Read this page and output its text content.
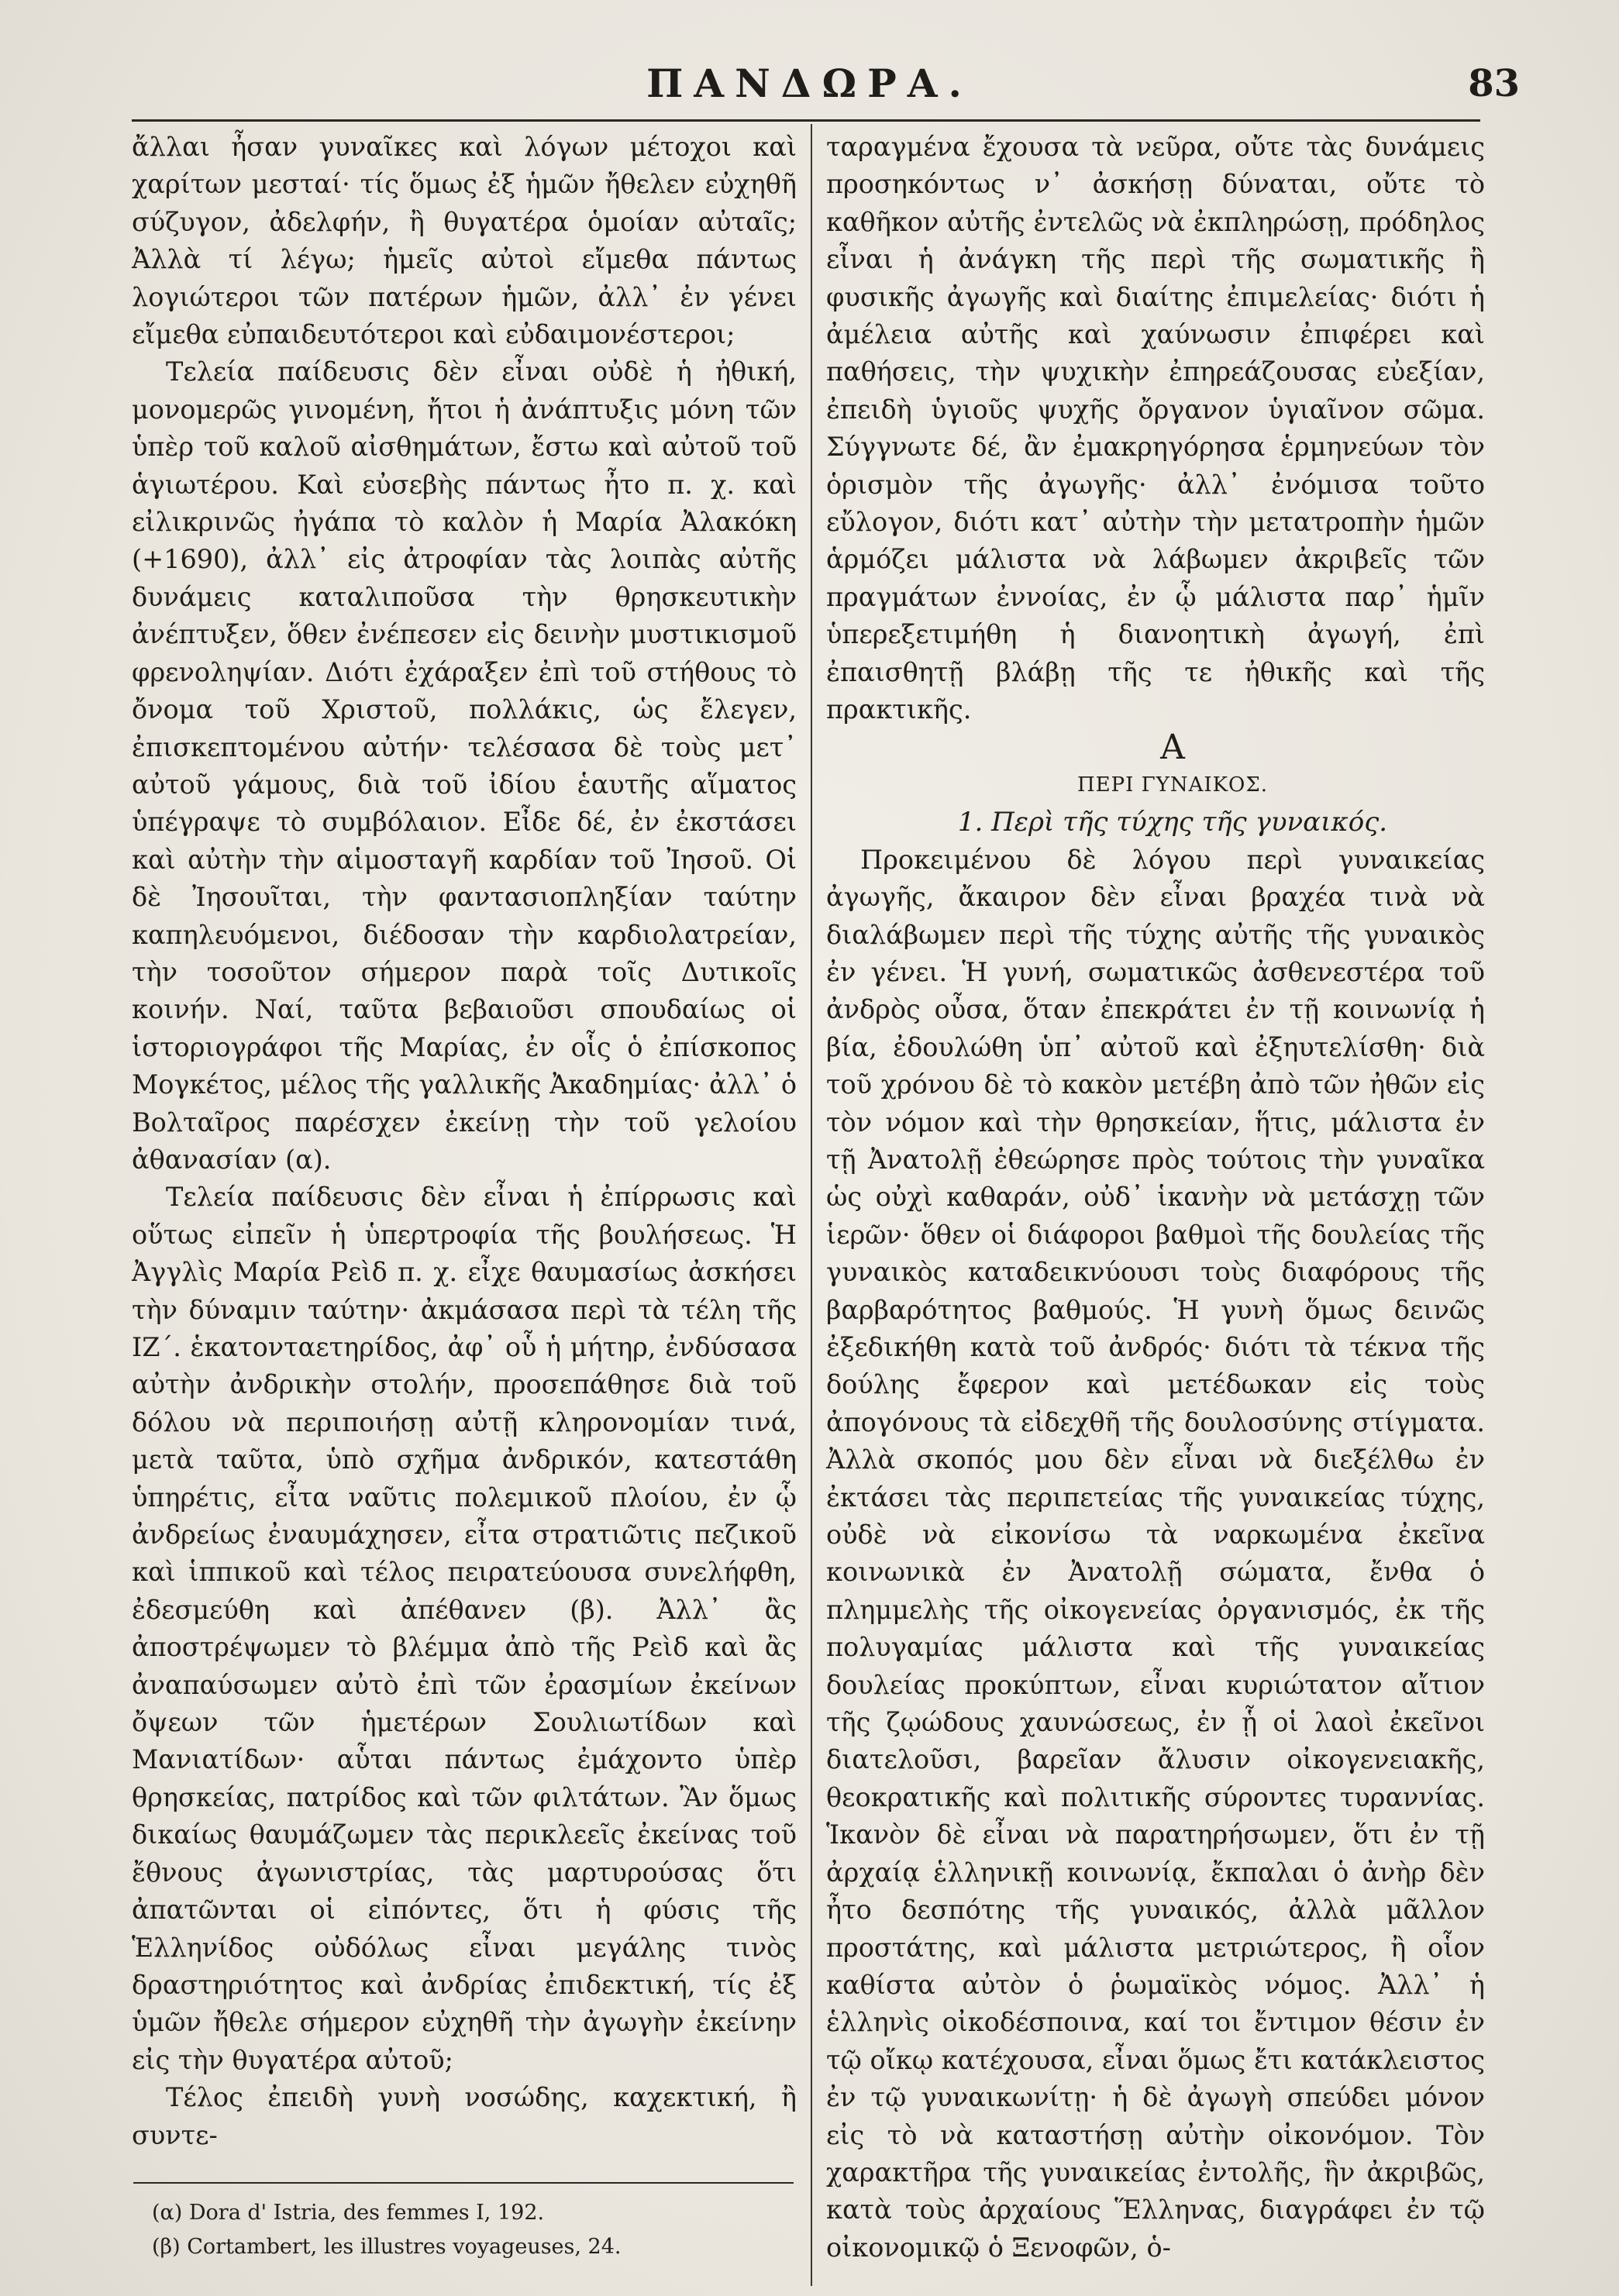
ΠΑΝΔΩΡΑ.	83

ἄλλαι ἦσαν γυναῖκες καὶ λόγων μέτοχοι καὶ χαρίτων μεσταί· τίς ὅμως ἐξ ἡμῶν ἤθελεν εὐχηθῆ σύζυγον, ἀδελφήν, ἢ θυγατέρα ὁμοίαν αὐταῖς; Ἀλλὰ τί λέγω; ἡμεῖς αὐτοὶ εἴμεθα πάντως λογιώτεροι τῶν πατέρων ἡμῶν, ἀλλ᾽ ἐν γένει εἴμεθα εὐπαιδευτότεροι καὶ εὐδαιμονέστεροι;

Τελεία παίδευσις δὲν εἶναι οὐδὲ ἡ ἠθική, μονομερῶς γινομένη, ἤτοι ἡ ἀνάπτυξις μόνη τῶν ὑπὲρ τοῦ καλοῦ αἰσθημάτων, ἔστω καὶ αὐτοῦ τοῦ ἁγιωτέρου. Καὶ εὐσεβὴς πάντως ἦτο π. χ. καὶ εἰλικρινῶς ἠγάπα τὸ καλὸν ἡ Μαρία Ἀλακόκη (+1690), ἀλλ᾽ εἰς ἀτροφίαν τὰς λοιπὰς αὐτῆς δυνάμεις καταλιποῦσα τὴν θρησκευτικὴν ἀνέπτυξεν, ὅθεν ἐνέπεσεν εἰς δεινὴν μυστικισμοῦ φρενοληψίαν. Διότι ἐχάραξεν ἐπὶ τοῦ στήθους τὸ ὄνομα τοῦ Χριστοῦ, πολλάκις, ὡς ἔλεγεν, ἐπισκεπτομένου αὐτήν· τελέσασα δὲ τοὺς μετ᾽ αὐτοῦ γάμους, διὰ τοῦ ἰδίου ἑαυτῆς αἵματος ὑπέγραψε τὸ συμβόλαιον. Εἶδε δέ, ἐν ἐκστάσει καὶ αὐτὴν τὴν αἱμοσταγῆ καρδίαν τοῦ Ἰησοῦ. Οἱ δὲ Ἰησουῖται, τὴν φαντασιοπληξίαν ταύτην καπηλευόμενοι, διέδοσαν τὴν καρδιολατρείαν, τὴν τοσοῦτον σήμερον παρὰ τοῖς Δυτικοῖς κοινήν. Ναί, ταῦτα βεβαιοῦσι σπουδαίως οἱ ἱστοριογράφοι τῆς Μαρίας, ἐν οἷς ὁ ἐπίσκοπος Μογκέτος, μέλος τῆς γαλλικῆς Ἀκαδημίας· ἀλλ᾽ ὁ Βολταῖρος παρέσχεν ἐκείνῃ τὴν τοῦ γελοίου ἀθανασίαν (α).

Τελεία παίδευσις δὲν εἶναι ἡ ἐπίρρωσις καὶ οὕτως εἰπεῖν ἡ ὑπερτροφία τῆς βουλήσεως. Ἡ Ἀγγλὶς Μαρία Ρεὶδ π. χ. εἶχε θαυμασίως ἀσκήσει τὴν δύναμιν ταύτην· ἀκμάσασα περὶ τὰ τέλη τῆς ΙΖ΄. ἑκατονταετηρίδος, ἀφ᾽ οὗ ἡ μήτηρ, ἐνδύσασα αὐτὴν ἀνδρικὴν στολήν, προσεπάθησε διὰ τοῦ δόλου νὰ περιποιήσῃ αὐτῇ κληρονομίαν τινά, μετὰ ταῦτα, ὑπὸ σχῆμα ἀνδρικόν, κατεστάθη ὑπηρέτις, εἶτα ναῦτις πολεμικοῦ πλοίου, ἐν ᾧ ἀνδρείως ἐναυμάχησεν, εἶτα στρατιῶτις πεζικοῦ καὶ ἱππικοῦ καὶ τέλος πειρατεύουσα συνελήφθη, ἐδεσμεύθη καὶ ἀπέθανεν (β). Ἀλλ᾽ ἂς ἀποστρέψωμεν τὸ βλέμμα ἀπὸ τῆς Ρεὶδ καὶ ἂς ἀναπαύσωμεν αὐτὸ ἐπὶ τῶν ἐρασμίων ἐκείνων ὄψεων τῶν ἡμετέρων Σουλιωτίδων καὶ Μανιατίδων· αὗται πάντως ἐμάχοντο ὑπὲρ θρησκείας, πατρίδος καὶ τῶν φιλτάτων. Ἂν ὅμως δικαίως θαυμάζωμεν τὰς περικλεεῖς ἐκείνας τοῦ ἔθνους ἀγωνιστρίας, τὰς μαρτυρούσας ὅτι ἀπατῶνται οἱ εἰπόντες, ὅτι ἡ φύσις τῆς Ἑλληνίδος οὐδόλως εἶναι μεγάλης τινὸς δραστηριότητος καὶ ἀνδρίας ἐπιδεκτική, τίς ἐξ ὑμῶν ἤθελε σήμερον εὐχηθῆ τὴν ἀγωγὴν ἐκείνην εἰς τὴν θυγατέρα αὐτοῦ;

Τέλος ἐπειδὴ γυνὴ νοσώδης, καχεκτική, ἢ συντε-

(α) Dora d' Istria, des femmes I, 192.
(β) Cortambert, les illustres voyageuses, 24.

ταραγμένα ἔχουσα τὰ νεῦρα, οὔτε τὰς δυνάμεις προσηκόντως ν᾽ ἀσκήσῃ δύναται, οὔτε τὸ καθῆκον αὐτῆς ἐντελῶς νὰ ἐκπληρώσῃ, πρόδηλος εἶναι ἡ ἀνάγκη τῆς περὶ τῆς σωματικῆς ἢ φυσικῆς ἀγωγῆς καὶ διαίτης ἐπιμελείας· διότι ἡ ἀμέλεια αὐτῆς καὶ χαύνωσιν ἐπιφέρει καὶ παθήσεις, τὴν ψυχικὴν ἐπηρεάζουσας εὐεξίαν, ἐπειδὴ ὑγιοῦς ψυχῆς ὄργανον ὑγιαῖνον σῶμα. Σύγγνωτε δέ, ἂν ἐμακρηγόρησα ἑρμηνεύων τὸν ὁρισμὸν τῆς ἀγωγῆς· ἀλλ᾽ ἐνόμισα τοῦτο εὔλογον, διότι κατ᾽ αὐτὴν τὴν μετατροπὴν ἡμῶν ἁρμόζει μάλιστα νὰ λάβωμεν ἀκριβεῖς τῶν πραγμάτων ἐννοίας, ἐν ᾧ μάλιστα παρ᾽ ἡμῖν ὑπερεξετιμήθη ἡ διανοητικὴ ἀγωγή, ἐπὶ ἐπαισθητῇ βλάβῃ τῆς τε ἠθικῆς καὶ τῆς πρακτικῆς.

Α

ΠΕΡΙ ΓΥΝΑΙΚΟΣ.

1. Περὶ τῆς τύχης τῆς γυναικός.

Προκειμένου δὲ λόγου περὶ γυναικείας ἀγωγῆς, ἄκαιρον δὲν εἶναι βραχέα τινὰ νὰ διαλάβωμεν περὶ τῆς τύχης αὐτῆς τῆς γυναικὸς ἐν γένει. Ἡ γυνή, σωματικῶς ἀσθενεστέρα τοῦ ἀνδρὸς οὖσα, ὅταν ἐπεκράτει ἐν τῇ κοινωνίᾳ ἡ βία, ἐδουλώθη ὑπ᾽ αὐτοῦ καὶ ἐξηυτελίσθη· διὰ τοῦ χρόνου δὲ τὸ κακὸν μετέβη ἀπὸ τῶν ἠθῶν εἰς τὸν νόμον καὶ τὴν θρησκείαν, ἥτις, μάλιστα ἐν τῇ Ἀνατολῇ ἐθεώρησε πρὸς τούτοις τὴν γυναῖκα ὡς οὐχὶ καθαράν, οὐδ᾽ ἱκανὴν νὰ μετάσχῃ τῶν ἱερῶν· ὅθεν οἱ διάφοροι βαθμοὶ τῆς δουλείας τῆς γυναικὸς καταδεικνύουσι τοὺς διαφόρους τῆς βαρβαρότητος βαθμούς. Ἡ γυνὴ ὅμως δεινῶς ἐξεδικήθη κατὰ τοῦ ἀνδρός· διότι τὰ τέκνα τῆς δούλης ἔφερον καὶ μετέδωκαν εἰς τοὺς ἀπογόνους τὰ εἰδεχθῆ τῆς δουλοσύνης στίγματα. Ἀλλὰ σκοπός μου δὲν εἶναι νὰ διεξέλθω ἐν ἐκτάσει τὰς περιπετείας τῆς γυναικείας τύχης, οὐδὲ νὰ εἰκονίσω τὰ ναρκωμένα ἐκεῖνα κοινωνικὰ ἐν Ἀνατολῇ σώματα, ἔνθα ὁ πλημμελὴς τῆς οἰκογενείας ὀργανισμός, ἐκ τῆς πολυγαμίας μάλιστα καὶ τῆς γυναικείας δουλείας προκύπτων, εἶναι κυριώτατον αἴτιον τῆς ζῳώδους χαυνώσεως, ἐν ᾗ οἱ λαοὶ ἐκεῖνοι διατελοῦσι, βαρεῖαν ἄλυσιν οἰκογενειακῆς, θεοκρατικῆς καὶ πολιτικῆς σύροντες τυραννίας. Ἱκανὸν δὲ εἶναι νὰ παρατηρήσωμεν, ὅτι ἐν τῇ ἀρχαίᾳ ἑλληνικῇ κοινωνίᾳ, ἔκπαλαι ὁ ἀνὴρ δὲν ἦτο δεσπότης τῆς γυναικός, ἀλλὰ μᾶλλον προστάτης, καὶ μάλιστα μετριώτερος, ἢ οἷον καθίστα αὐτὸν ὁ ῥωμαϊκὸς νόμος. Ἀλλ᾽ ἡ ἑλληνὶς οἰκοδέσποινα, καί τοι ἔντιμον θέσιν ἐν τῷ οἴκῳ κατέχουσα, εἶναι ὅμως ἔτι κατάκλειστος ἐν τῷ γυναικωνίτῃ· ἡ δὲ ἀγωγὴ σπεύδει μόνον εἰς τὸ νὰ καταστήσῃ αὐτὴν οἰκονόμον. Τὸν χαρακτῆρα τῆς γυναικείας ἐντολῆς, ἣν ἀκριβῶς, κατὰ τοὺς ἀρχαίους Ἕλληνας, διαγράφει ἐν τῷ οἰκονομικῷ ὁ Ξενοφῶν, ὁ-
